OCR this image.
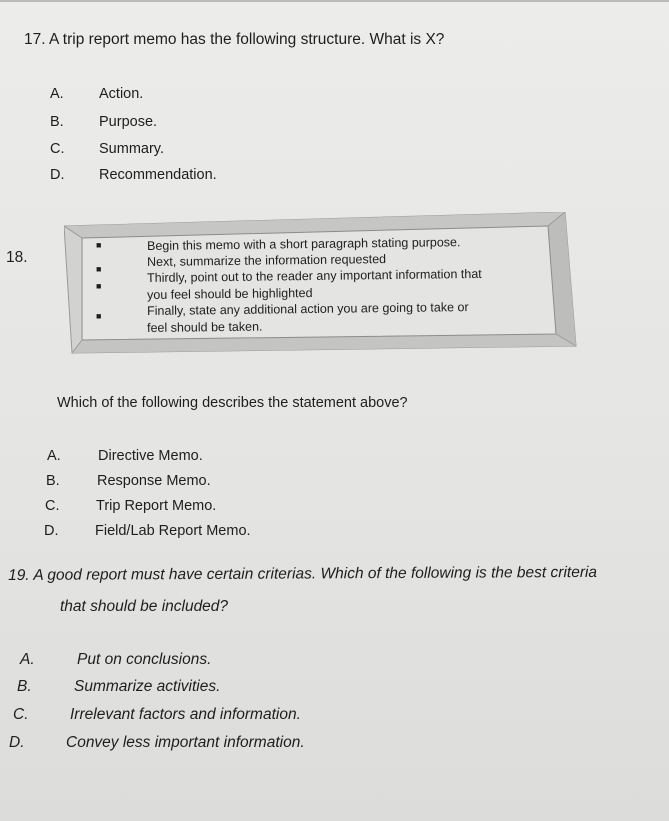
17. A trip report memo has the following structure. What is X?
A. Action.
B. Purpose.
C. Summary.
D. Recommendation.
18.
■
■
■
■
Begin this memo with a short paragraph stating purpose.
Next, summarize the information requested
Thirdly, point out to the reader any important information that
you feel should be highlighted
Finally, state any additional action you are going to take or
feel should be taken.
Which of the following describes the statement above?
A.	Directive Memo.
B.	Response Memo.
C.	Trip Report Memo.
D.	Field/Lab Report Memo.
19. A good report must have certain criterias. Which of the following is the best criteria
that should be included?
A.	Put on conclusions.
B.	Summarize activities.
C.	Irrelevant factors and information.
D.	Convey less important information.
